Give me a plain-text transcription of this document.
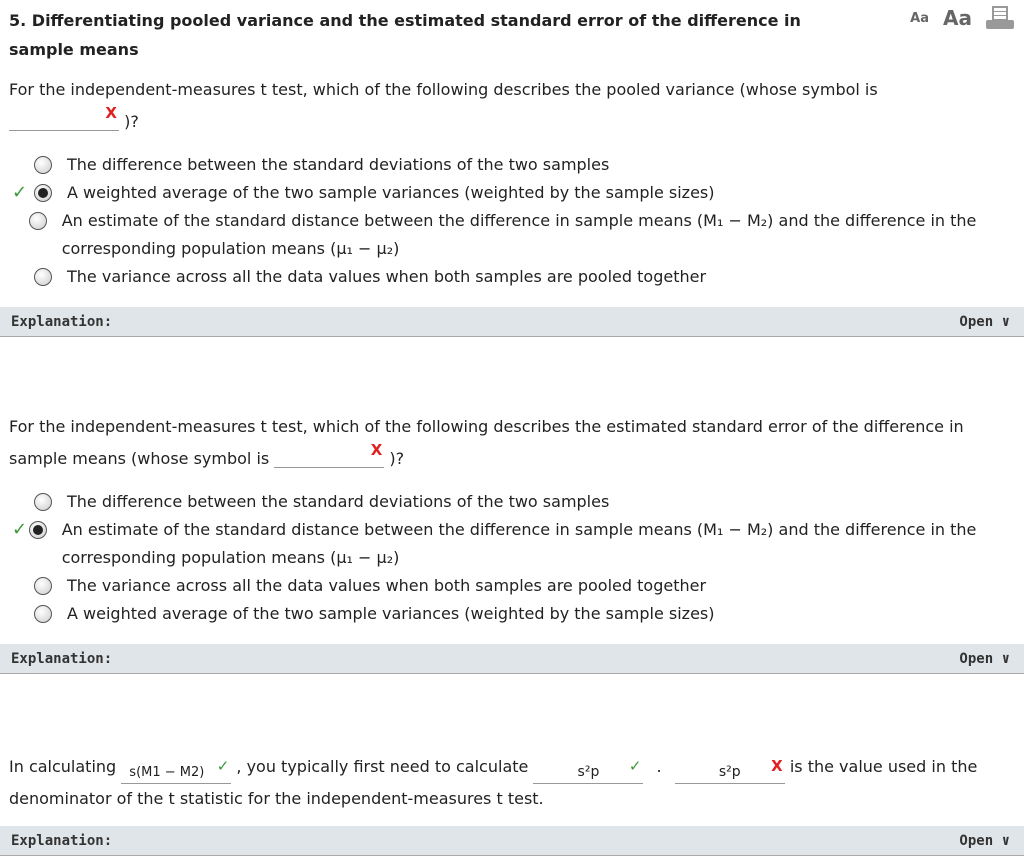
5. Differentiating pooled variance and the estimated standard error of the difference in sample means
Aa Aa
For the independent-measures t test, which of the following describes the pooled variance (whose symbol is

X )?
The difference between the standard deviations of the two samples
✓	A weighted average of the two sample variances (weighted by the sample sizes)
An estimate of the standard distance between the difference in sample means (M₁ − M₂) and the difference in the corresponding population means (μ₁ − μ₂)
The variance across all the data values when both samples are pooled together
Explanation:	Open ∨
For the independent-measures t test, which of the following describes the estimated standard error of the difference in sample means (whose symbol is	X )?
The difference between the standard deviations of the two samples
✓ An estimate of the standard distance between the difference in sample means (M₁ − M₂) and the difference in the corresponding population means (μ₁ − μ₂)
The variance across all the data values when both samples are pooled together
A weighted average of the two sample variances (weighted by the sample sizes)
Explanation:	Open ∨
In calculating s(M1 − M2) ✓ , you typically first need to calculate	s²p ✓ .	s²p X is the value used in the denominator of the t statistic for the independent-measures t test.
Explanation:	Open ∨
